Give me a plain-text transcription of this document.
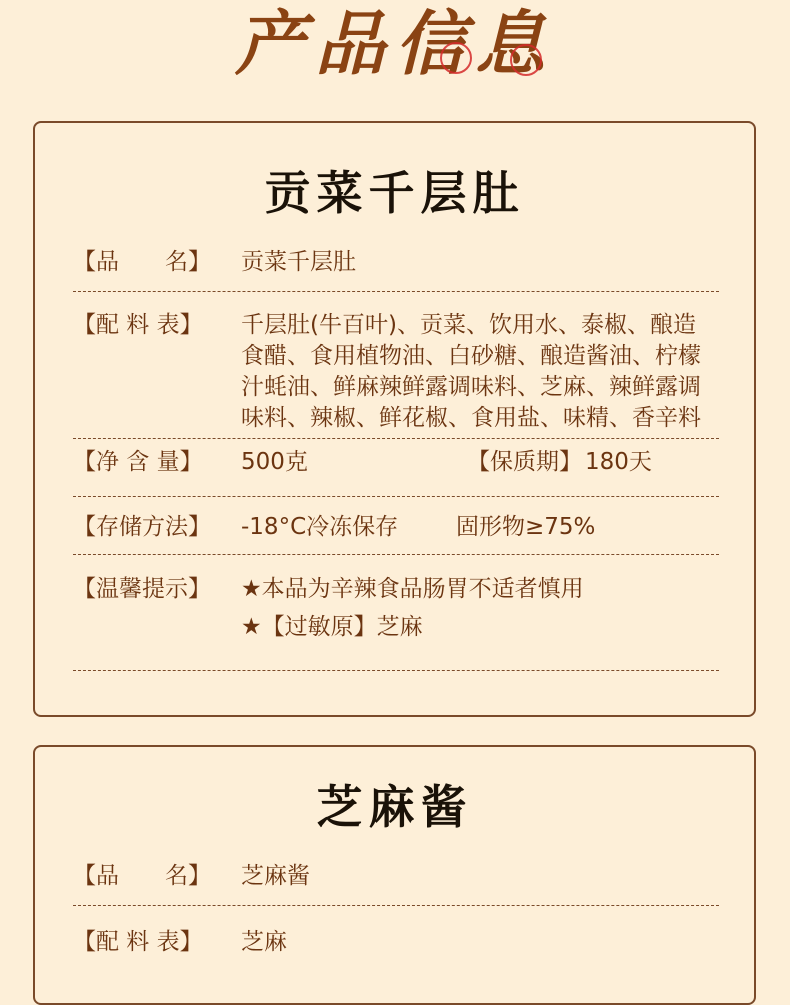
产品信息
贡菜千层肚
【品　　名】	贡菜千层肚
【配 料 表】	千层肚(牛百叶)、贡菜、饮用水、泰椒、酿造食醋、食用植物油、白砂糖、酿造酱油、柠檬汁蚝油、鲜麻辣鲜露调味料、芝麻、辣鲜露调味料、辣椒、鲜花椒、食用盐、味精、香辛料
【净 含 量】	500克	【保质期】 180天
【存储方法】	-18°C冷冻保存	固形物≥75%
【温馨提示】	★本品为辛辣食品肠胃不适者慎用
★【过敏原】芝麻
芝麻酱
【品　　名】	芝麻酱
【配 料 表】	芝麻
